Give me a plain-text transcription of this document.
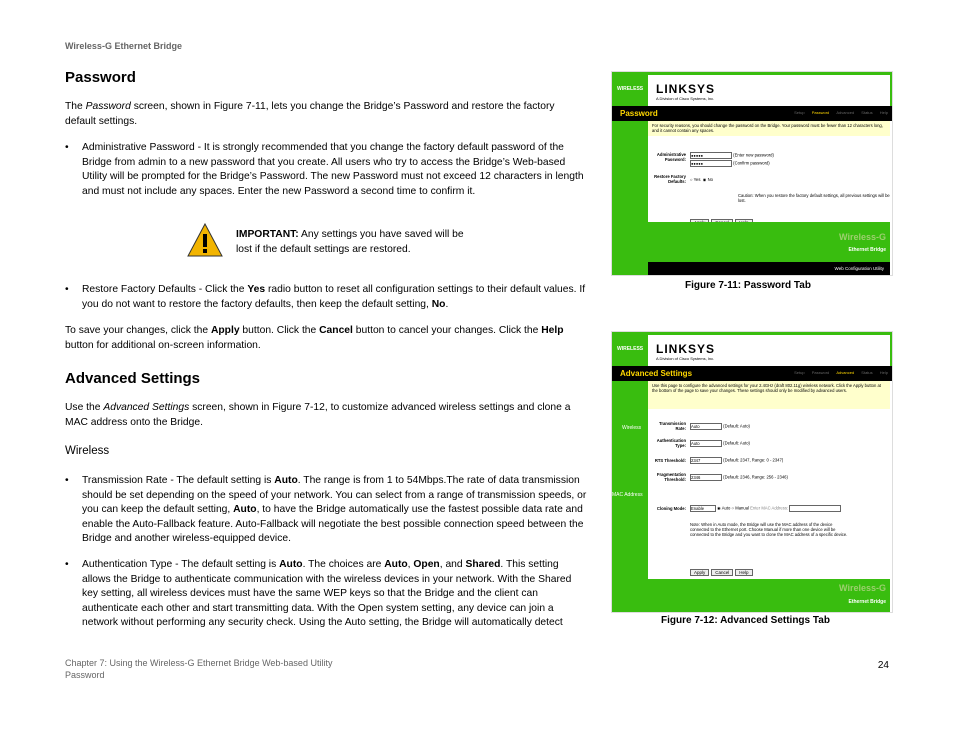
Wireless-G Ethernet Bridge
Password
The Password screen, shown in Figure 7-11, lets you change the Bridge’s Password and restore the factory default settings.
• Administrative Password - It is strongly recommended that you change the factory default password of the Bridge from admin to a new password that you create. All users who try to access the Bridge’s Web-based Utility will be prompted for the Bridge’s Password. The new Password must not exceed 12 characters in length and must not include any spaces. Enter the new Password a second time to confirm it.
IMPORTANT: Any settings you have saved will be lost if the default settings are restored.
• Restore Factory Defaults - Click the Yes radio button to reset all configuration settings to their default values. If you do not want to restore the factory defaults, then keep the default setting, No.
To save your changes, click the Apply button. Click the Cancel button to cancel your changes. Click the Help button for additional on-screen information.
Advanced Settings
Use the Advanced Settings screen, shown in Figure 7-12, to customize advanced wireless settings and clone a MAC address onto the Bridge.
Wireless
• Transmission Rate - The default setting is Auto. The range is from 1 to 54Mbps.The rate of data transmission should be set depending on the speed of your network. You can select from a range of transmission speeds, or you can keep the default setting, Auto, to have the Bridge automatically use the fastest possible data rate and enable the Auto-Fallback feature. Auto-Fallback will negotiate the best possible connection speed between the Bridge and another wireless-equipped device.
• Authentication Type - The default setting is Auto. The choices are Auto, Open, and Shared. This setting allows the Bridge to authenticate communication with the wireless devices in your network. With the Shared key setting, all wireless devices must have the same WEP keys so that the Bridge and the client can authenticate each other and start transmitting data. With the Open system setting, any device can join a network without performing any security check. Using the Auto setting, the Bridge will automatically detect
WIRELESS LINKSYS
A Division of Cisco Systems, Inc.
Password	Setup Password Advanced Status Help
For security reasons, you should change the password on the Bridge. Your password must be fewer than 12 characters long, and it cannot contain any spaces.
Administrative Password:
●●●●●	(Enter new password)
●●●●●	(Confirm password)
Restore Factory Defaults: ○ Yes  ◉ No
Caution: When you restore the factory default settings, all previous settings will be lost.
Wireless-G
Ethernet Bridge
Web Configuration Utility
Figure 7-11: Password Tab
WIRELESS LINKSYS
A Division of Cisco Systems, Inc.
Advanced Settings	Setup Password Advanced Status Help
Use this page to configure the advanced settings for your 2.4GHz (draft 802.11g) wireless network. Click the Apply button at the bottom of the page to save your changes. These settings should only be modified by advanced users.
Wireless
MAC Address
Transmission Rate: Auto	(Default: Auto)
Authentication Type: Auto	(Default: Auto)
RTS Threshold: 2347	(Default: 2347, Range: 0 - 2347)
Fragmentation Threshold: 2346	(Default: 2346, Range: 256 - 2346)
Cloning Mode: Enable	◉ Auto ○ Manual Enter MAC Address:
Note: When in Auto mode, the Bridge will use the MAC address of the device connected to the Ethernet port. Choose Manual if more than one device will be connected to the Bridge and you want to clone the MAC address of a specific device.
Apply Cancel Help
Wireless-G
Ethernet Bridge
Figure 7-12: Advanced Settings Tab
Chapter 7: Using the Wireless-G Ethernet Bridge Web-based Utility
Password
24
